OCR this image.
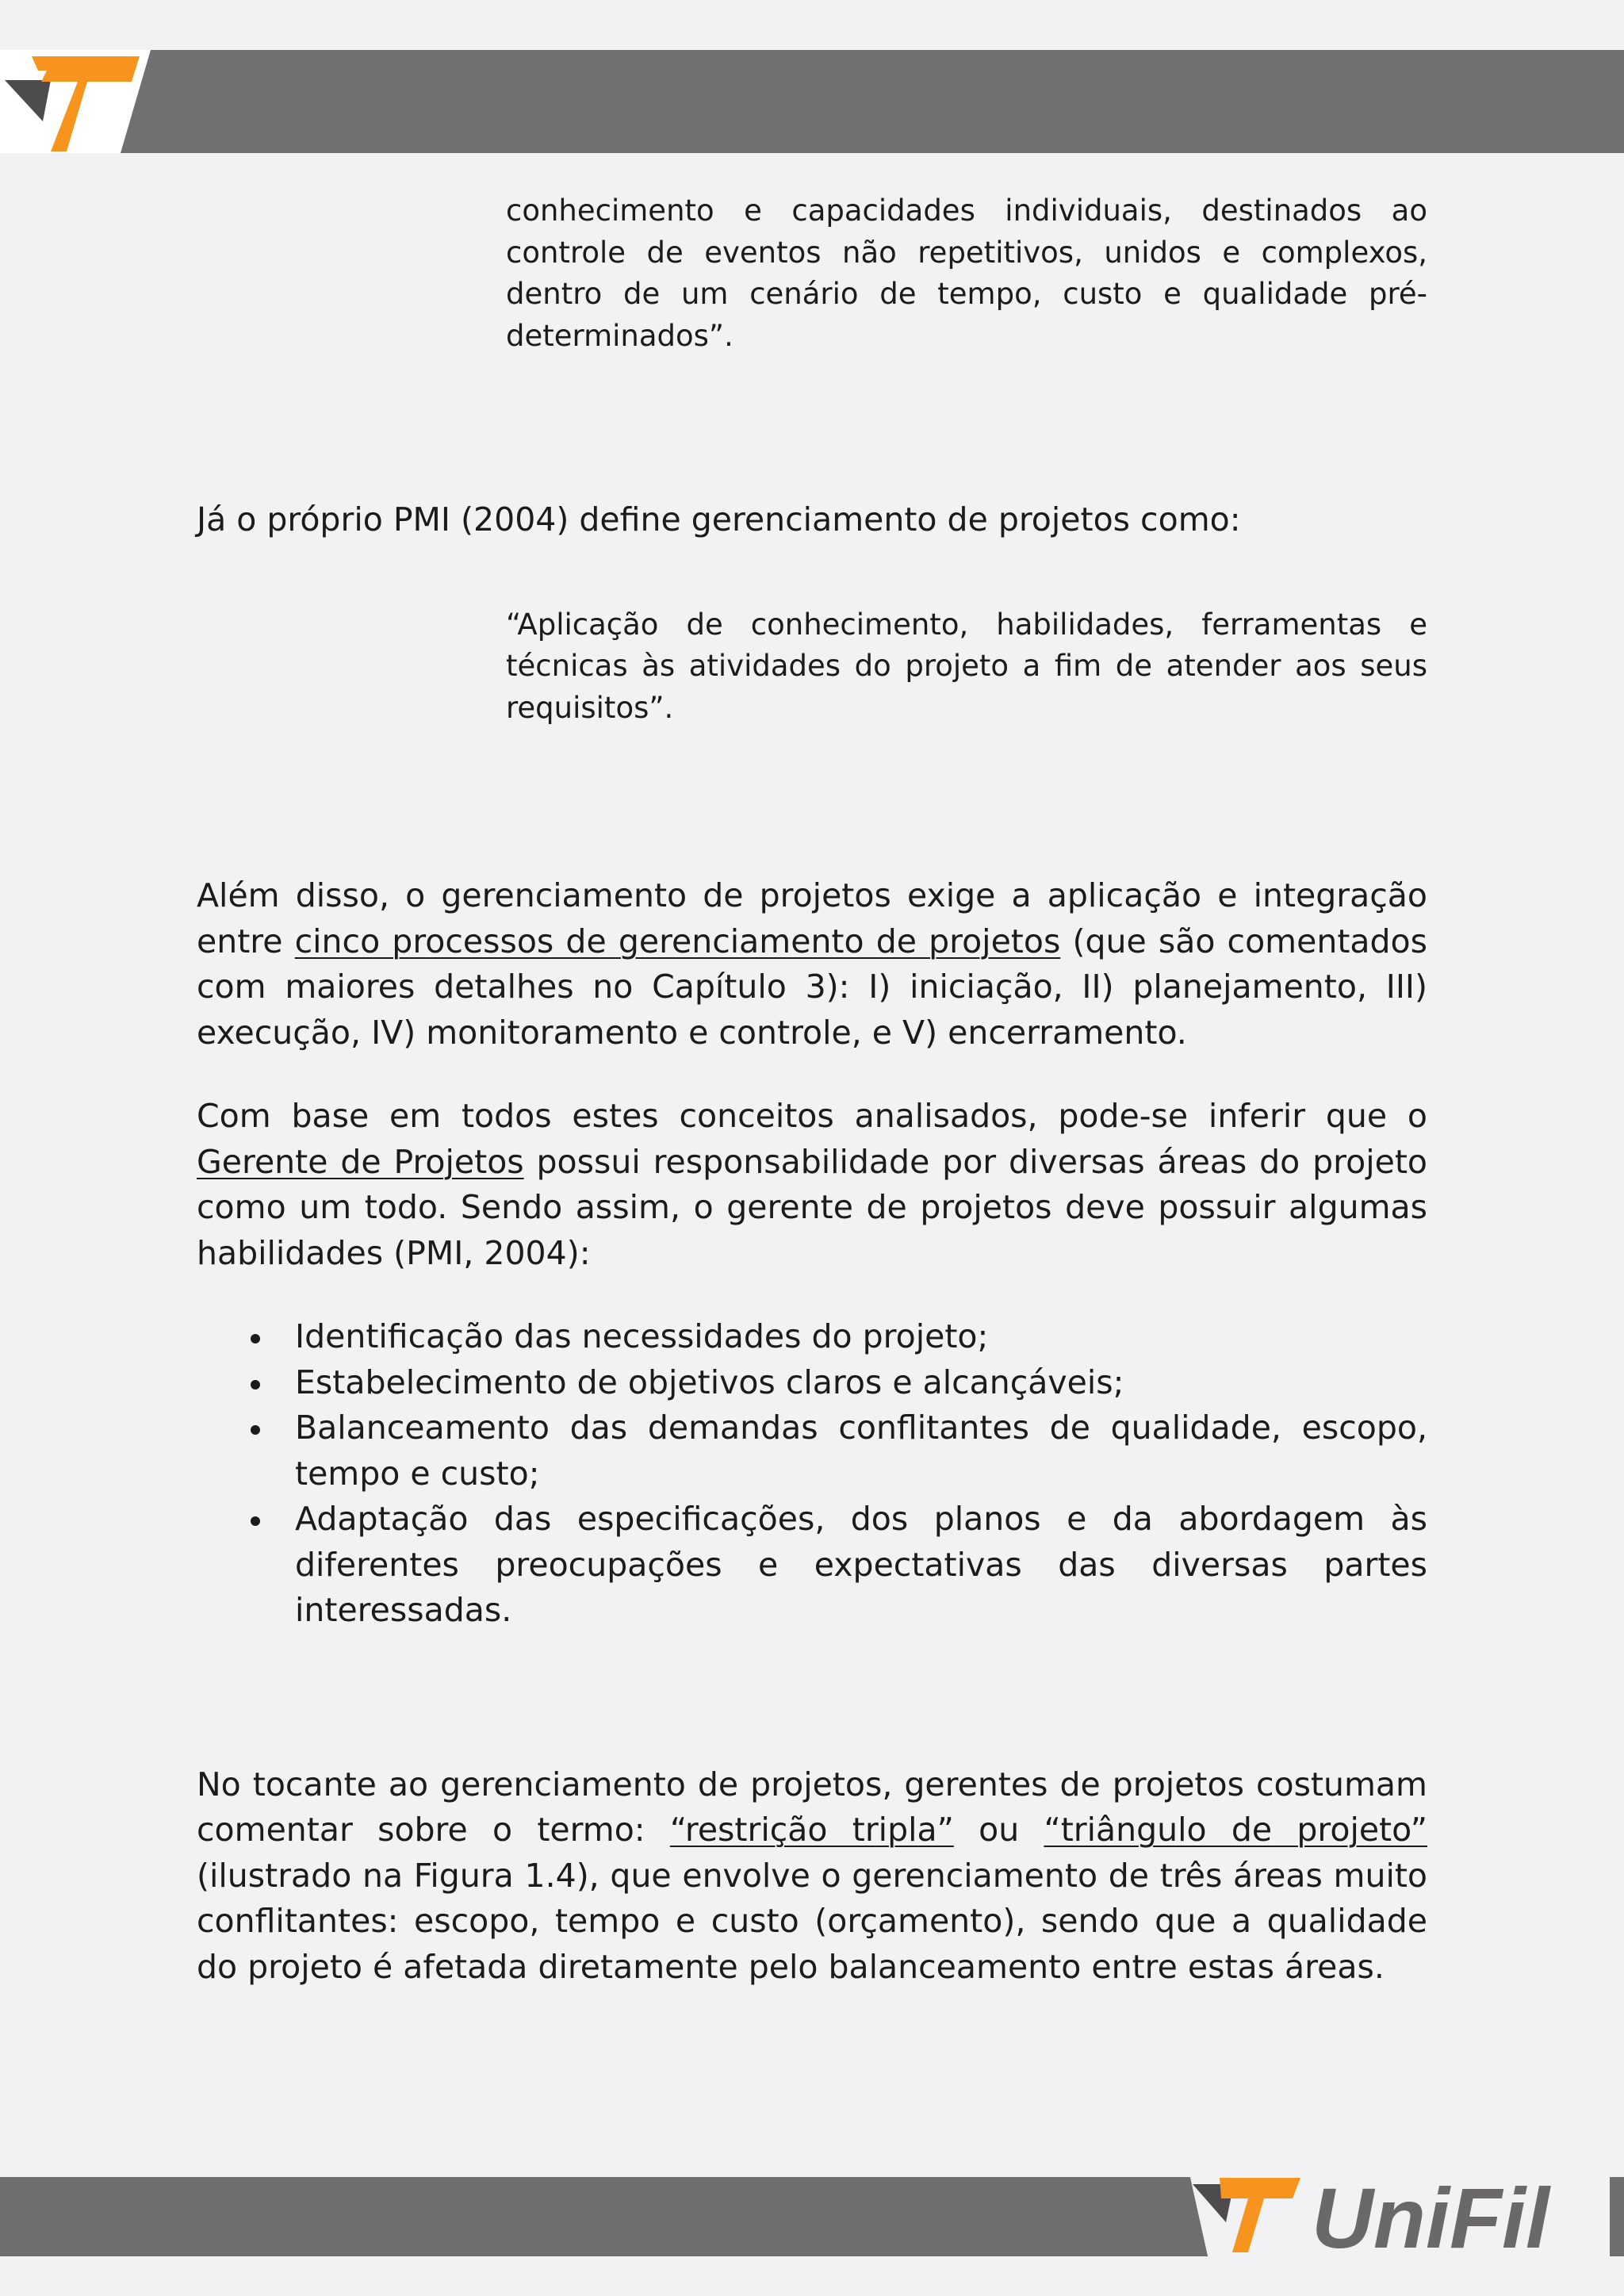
conhecimento e capacidades individuais, destinados ao controle de eventos não repetitivos, unidos e complexos, dentro de um cenário de tempo, custo e qualidade pré-determinados”.

Já o próprio PMI (2004) define gerenciamento de projetos como:

“Aplicação de conhecimento, habilidades, ferramentas e técnicas às atividades do projeto a fim de atender aos seus requisitos”.

Além disso, o gerenciamento de projetos exige a aplicação e integração entre cinco processos de gerenciamento de projetos (que são comentados com maiores detalhes no Capítulo 3): I) iniciação, II) planejamento, III) execução, IV) monitoramento e controle, e V) encerramento.

Com base em todos estes conceitos analisados, pode-se inferir que o Gerente de Projetos possui responsabilidade por diversas áreas do projeto como um todo. Sendo assim, o gerente de projetos deve possuir algumas habilidades (PMI, 2004):

Identificação das necessidades do projeto;
Estabelecimento de objetivos claros e alcançáveis;
Balanceamento das demandas conflitantes de qualidade, escopo, tempo e custo;
Adaptação das especificações, dos planos e da abordagem às diferentes preocupações e expectativas das diversas partes interessadas.

No tocante ao gerenciamento de projetos, gerentes de projetos costumam comentar sobre o termo: “restrição tripla” ou “triângulo de projeto” (ilustrado na Figura 1.4), que envolve o gerenciamento de três áreas muito conflitantes: escopo, tempo e custo (orçamento), sendo que a qualidade do projeto é afetada diretamente pelo balanceamento entre estas áreas.

UniFil
